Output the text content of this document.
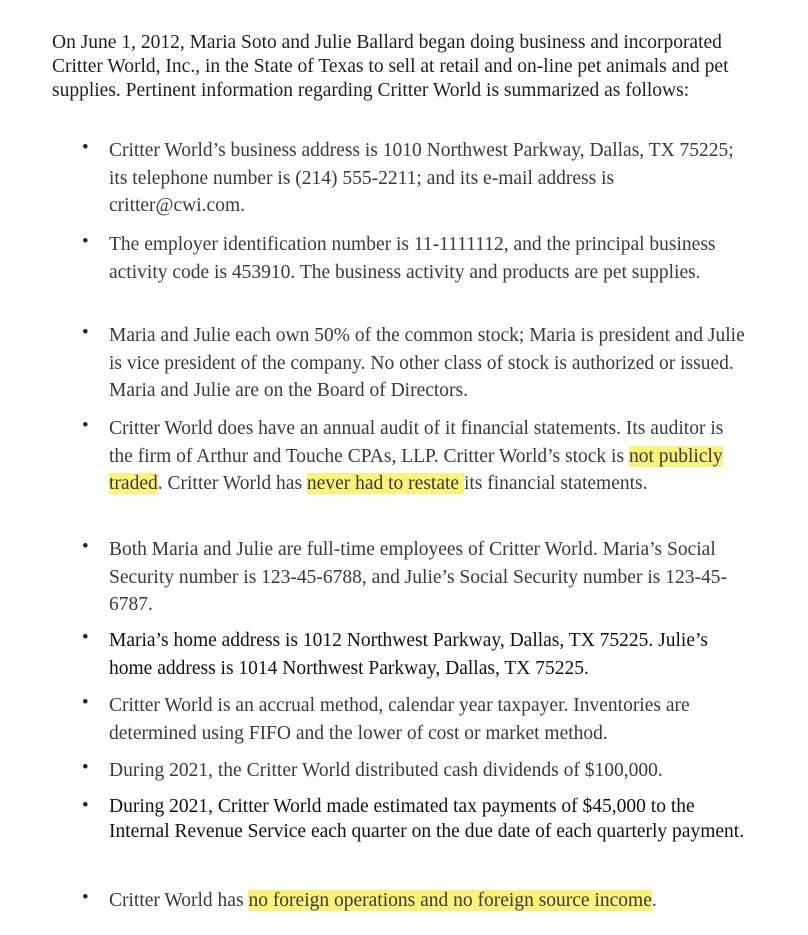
On June 1, 2012, Maria Soto and Julie Ballard began doing business and incorporated Critter World, Inc., in the State of Texas to sell at retail and on-line pet animals and pet supplies. Pertinent information regarding Critter World is summarized as follows:

• Critter World’s business address is 1010 Northwest Parkway, Dallas, TX 75225; its telephone number is (214) 555-2211; and its e-mail address is critter@cwi.com.
• The employer identification number is 11-1111112, and the principal business activity code is 453910. The business activity and products are pet supplies.
• Maria and Julie each own 50% of the common stock; Maria is president and Julie is vice president of the company. No other class of stock is authorized or issued. Maria and Julie are on the Board of Directors.
• Critter World does have an annual audit of it financial statements. Its auditor is the firm of Arthur and Touche CPAs, LLP. Critter World’s stock is not publicly traded. Critter World has never had to restate its financial statements.
• Both Maria and Julie are full-time employees of Critter World. Maria’s Social Security number is 123-45-6788, and Julie’s Social Security number is 123-45-6787.
• Maria’s home address is 1012 Northwest Parkway, Dallas, TX 75225. Julie’s home address is 1014 Northwest Parkway, Dallas, TX 75225.
• Critter World is an accrual method, calendar year taxpayer. Inventories are determined using FIFO and the lower of cost or market method.
• During 2021, the Critter World distributed cash dividends of $100,000.
• During 2021, Critter World made estimated tax payments of $45,000 to the Internal Revenue Service each quarter on the due date of each quarterly payment.
• Critter World has no foreign operations and no foreign source income.
